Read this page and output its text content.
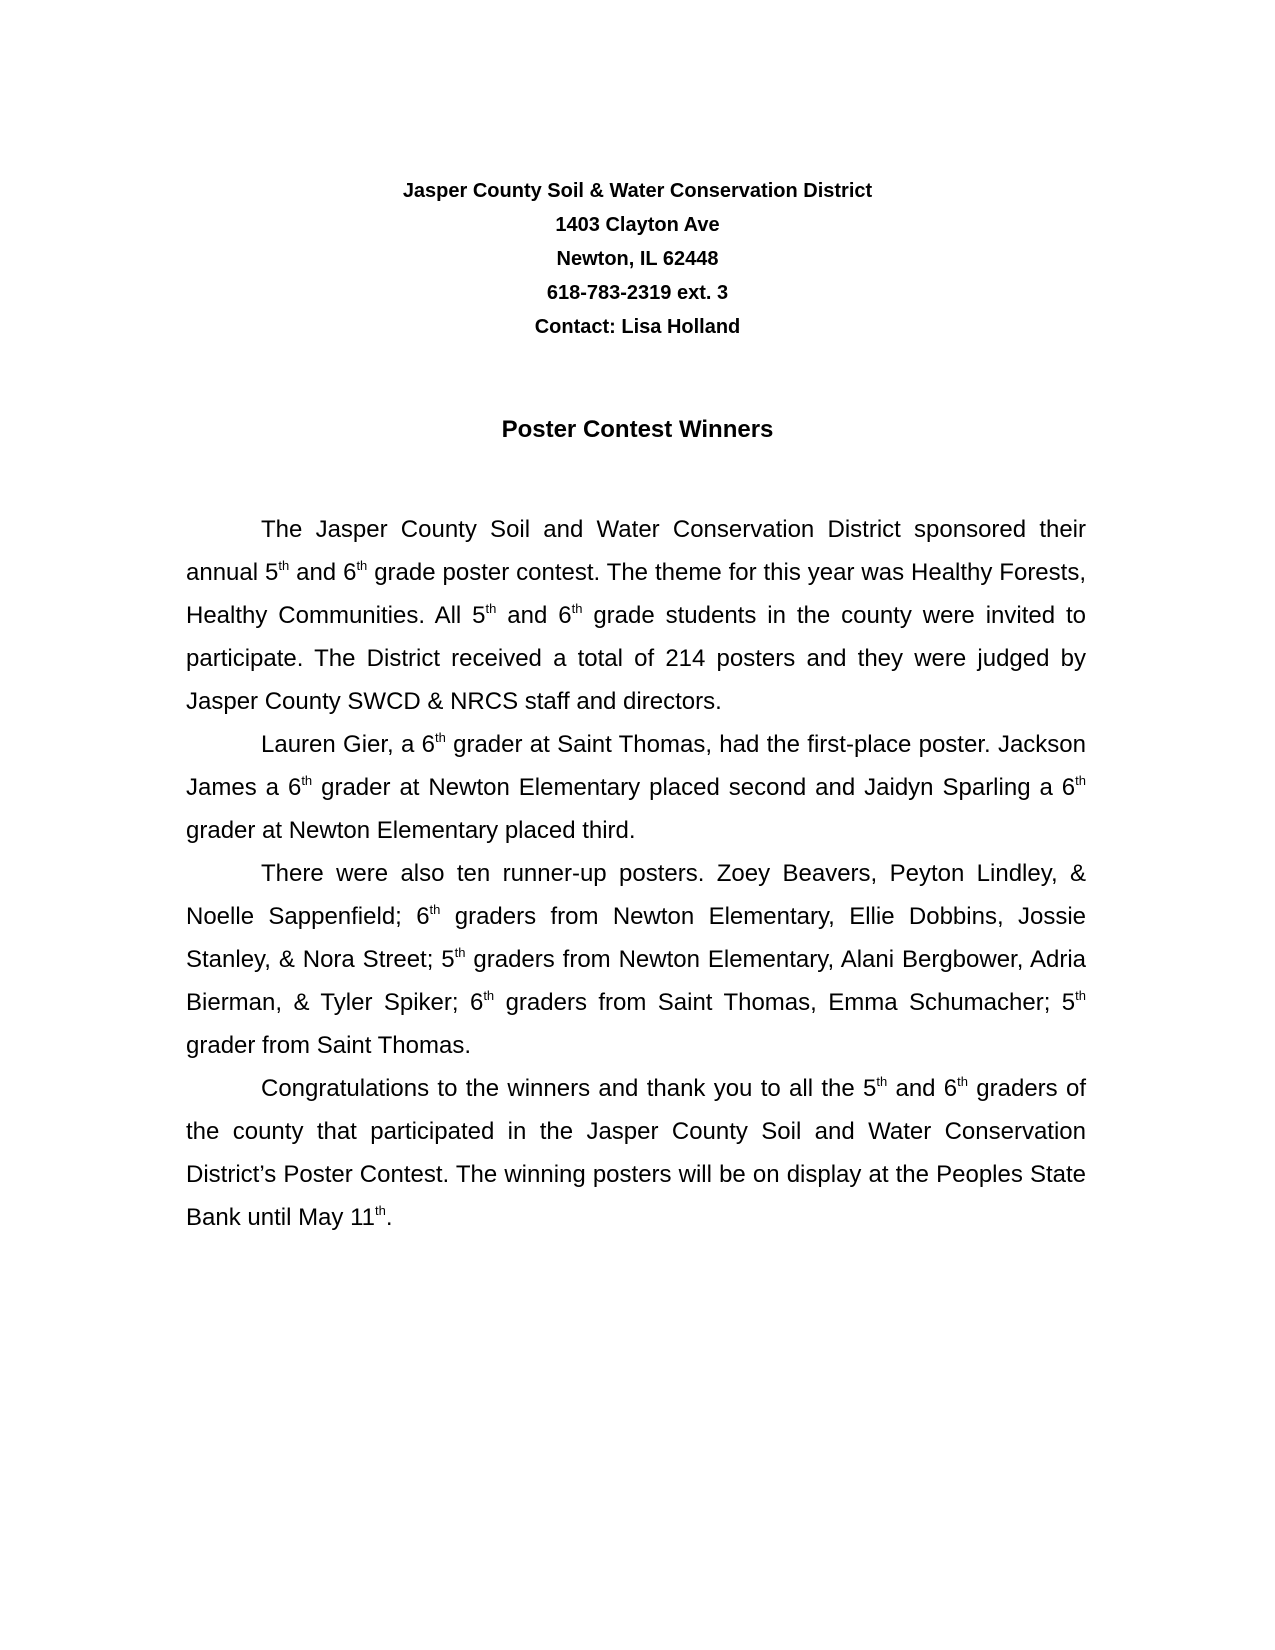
Jasper County Soil & Water Conservation District
1403 Clayton Ave
Newton, IL 62448
618-783-2319 ext. 3
Contact: Lisa Holland
Poster Contest Winners

The Jasper County Soil and Water Conservation District sponsored their annual 5th and 6th grade poster contest. The theme for this year was Healthy Forests, Healthy Communities. All 5th and 6th grade students in the county were invited to participate. The District received a total of 214 posters and they were judged by Jasper County SWCD & NRCS staff and directors.

Lauren Gier, a 6th grader at Saint Thomas, had the first-place poster. Jackson James a 6th grader at Newton Elementary placed second and Jaidyn Sparling a 6th grader at Newton Elementary placed third.

There were also ten runner-up posters. Zoey Beavers, Peyton Lindley, & Noelle Sappenfield; 6th graders from Newton Elementary, Ellie Dobbins, Jossie Stanley, & Nora Street; 5th graders from Newton Elementary, Alani Bergbower, Adria Bierman, & Tyler Spiker; 6th graders from Saint Thomas, Emma Schumacher; 5th grader from Saint Thomas.

Congratulations to the winners and thank you to all the 5th and 6th graders of the county that participated in the Jasper County Soil and Water Conservation District’s Poster Contest. The winning posters will be on display at the Peoples State Bank until May 11th.
